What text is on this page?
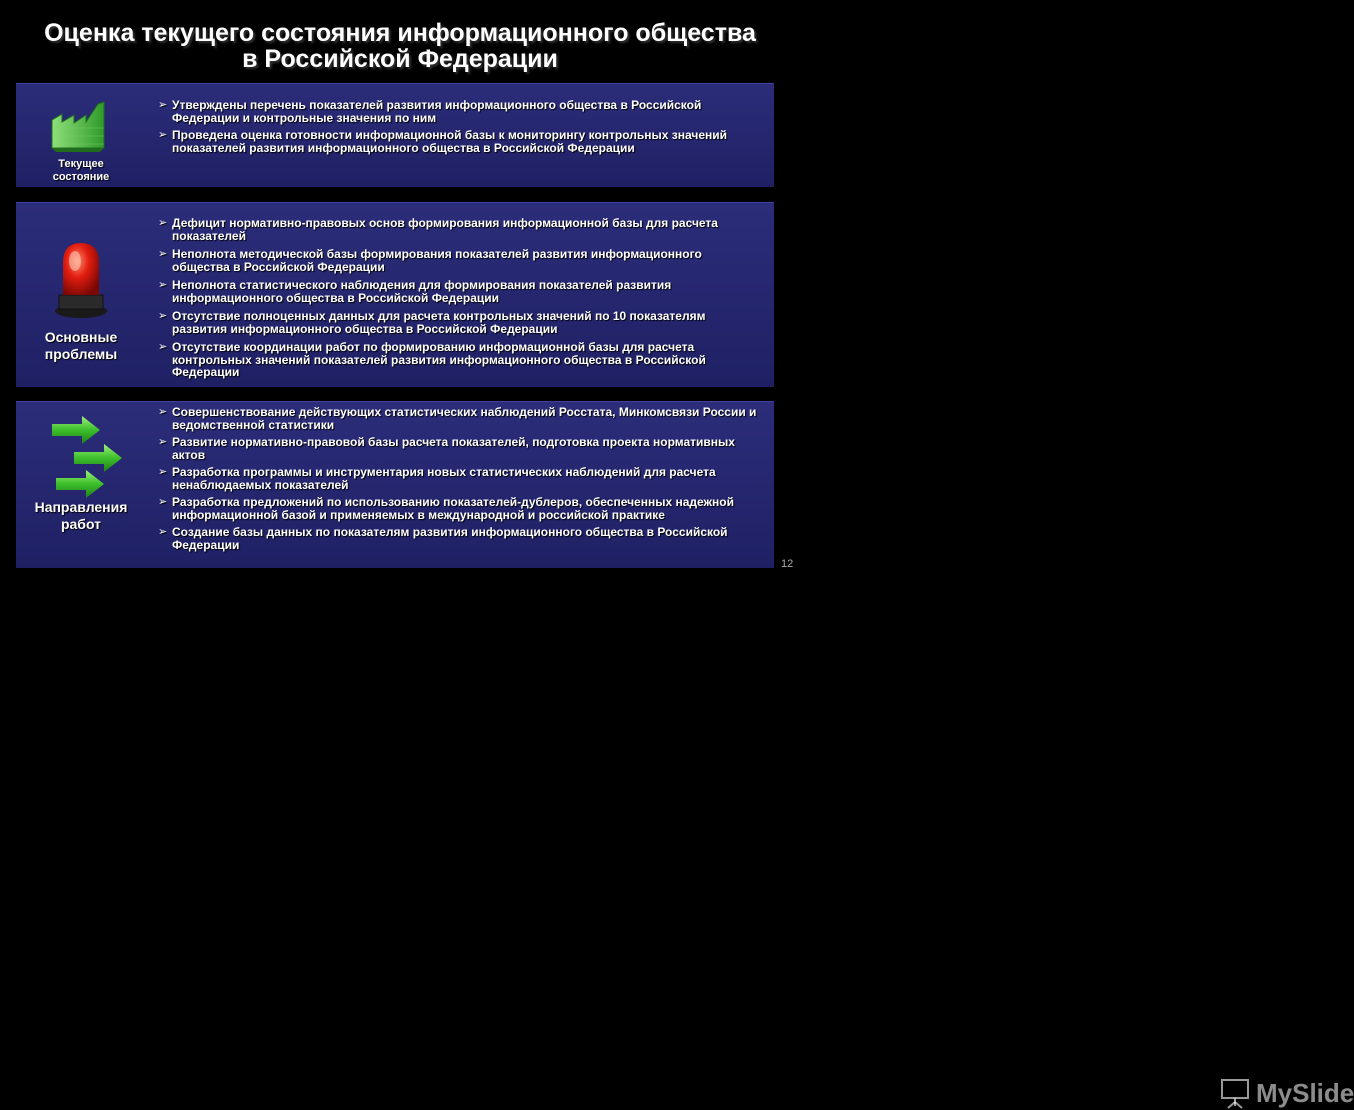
Оценка текущего состояния информационного общества
в Российской Федерации
Текущее
состояние
➢ Утверждены перечень показателей развития информационного общества в Российской Федерации и контрольные значения по ним
➢ Проведена оценка готовности информационной базы к мониторингу контрольных значений показателей развития информационного общества в Российской Федерации
Основные
проблемы
➢ Дефицит нормативно-правовых основ формирования информационной базы для расчета показателей
➢ Неполнота методической базы формирования показателей развития информационного общества в Российской Федерации
➢ Неполнота статистического наблюдения для формирования показателей развития информационного общества в Российской Федерации
➢ Отсутствие полноценных данных для расчета контрольных значений по 10 показателям развития информационного общества в Российской Федерации
➢ Отсутствие координации работ по формированию информационной базы для расчета контрольных значений показателей развития информационного общества в Российской Федерации
Направления
работ
➢ Совершенствование действующих статистических наблюдений Росстата, Минкомсвязи России и ведомственной статистики
➢ Развитие нормативно-правовой базы расчета показателей, подготовка проекта нормативных актов
➢ Разработка программы и инструментария новых статистических наблюдений для расчета ненаблюдаемых показателей
➢ Разработка предложений по использованию показателей-дублеров, обеспеченных надежной информационной базой и применяемых в международной и российской практике
➢ Создание базы данных по показателям развития информационного общества в Российской Федерации
MySlide
12
